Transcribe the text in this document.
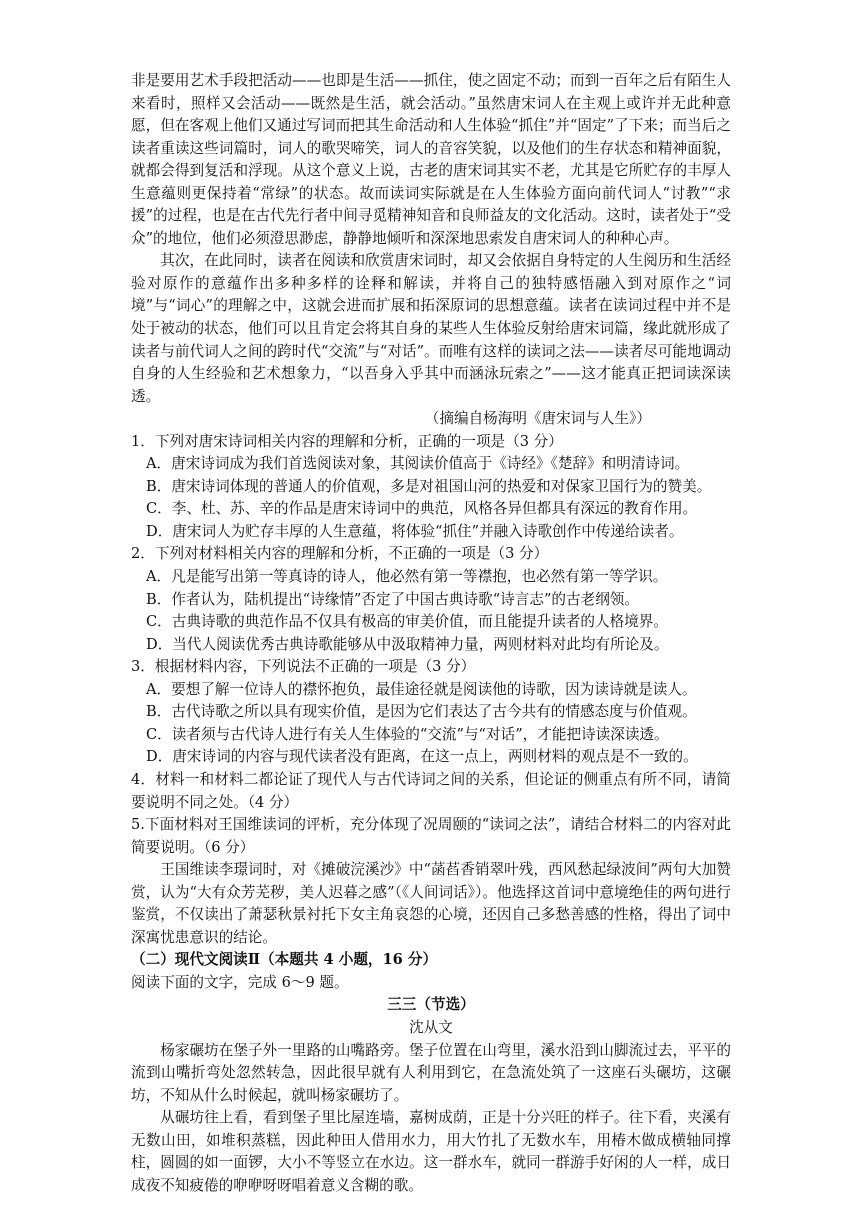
非是要用艺术手段把活动——也即是生活——抓住，使之固定不动；而到一百年之后有陌生人来看时，照样又会活动——既然是生活，就会活动。”虽然唐宋词人在主观上或许并无此种意愿，但在客观上他们又通过写词而把其生命活动和人生体验“抓住”并“固定”了下来；而当后之读者重读这些词篇时，词人的歌哭啼笑，词人的音容笑貌，以及他们的生存状态和精神面貌，就都会得到复活和浮现。从这个意义上说，古老的唐宋词其实不老，尤其是它所贮存的丰厚人生意蕴则更保持着“常绿”的状态。故而读词实际就是在人生体验方面向前代词人“讨教”“求援”的过程，也是在古代先行者中间寻觅精神知音和良师益友的文化活动。这时，读者处于“受众”的地位，他们必须澄思渺虑，静静地倾听和深深地思索发自唐宋词人的种种心声。

其次，在此同时，读者在阅读和欣赏唐宋词时，却又会依据自身特定的人生阅历和生活经验对原作的意蕴作出多种多样的诠释和解读，并将自己的独特感悟融入到对原作之“词境”与“词心”的理解之中，这就会进而扩展和拓深原词的思想意蕴。读者在读词过程中并不是处于被动的状态，他们可以且肯定会将其自身的某些人生体验反射给唐宋词篇，缘此就形成了读者与前代词人之间的跨时代“交流”与“对话”。而唯有这样的读词之法——读者尽可能地调动自身的人生经验和艺术想象力，“以吾身入乎其中而涵泳玩索之”——这才能真正把词读深读透。

（摘编自杨海明《唐宋词与人生》）

1．下列对唐宋诗词相关内容的理解和分析，正确的一项是（3 分）

A．唐宋诗词成为我们首选阅读对象，其阅读价值高于《诗经》《楚辞》和明清诗词。

B．唐宋诗词体现的普通人的价值观，多是对祖国山河的热爱和对保家卫国行为的赞美。

C．李、杜、苏、辛的作品是唐宋诗词中的典范，风格各异但都具有深远的教育作用。

D．唐宋词人为贮存丰厚的人生意蕴，将体验“抓住”并融入诗歌创作中传递给读者。

2．下列对材料相关内容的理解和分析，不正确的一项是（3 分）

A．凡是能写出第一等真诗的诗人，他必然有第一等襟抱，也必然有第一等学识。

B．作者认为，陆机提出“诗缘情”否定了中国古典诗歌“诗言志”的古老纲领。

C．古典诗歌的典范作品不仅具有极高的审美价值，而且能提升读者的人格境界。

D．当代人阅读优秀古典诗歌能够从中汲取精神力量，两则材料对此均有所论及。

3．根据材料内容，下列说法不正确的一项是（3 分）

A．要想了解一位诗人的襟怀抱负，最佳途径就是阅读他的诗歌，因为读诗就是读人。

B．古代诗歌之所以具有现实价值，是因为它们表达了古今共有的情感态度与价值观。

C．读者须与古代诗人进行有关人生体验的“交流”与“对话”，才能把诗读深读透。

D．唐宋诗词的内容与现代读者没有距离，在这一点上，两则材料的观点是不一致的。

4．材料一和材料二都论证了现代人与古代诗词之间的关系，但论证的侧重点有所不同，请简要说明不同之处。（4 分）

5.下面材料对王国维读词的评析，充分体现了况周颐的“读词之法”，请结合材料二的内容对此简要说明。（6 分）

王国维读李璟词时，对《摊破浣溪沙》中“菡萏香销翠叶残，西风愁起绿波间”两句大加赞赏，认为“大有众芳芜秽，美人迟暮之感”（《人间词话》）。他选择这首词中意境绝佳的两句进行鉴赏，不仅读出了萧瑟秋景衬托下女主角哀怨的心境，还因自己多愁善感的性格，得出了词中深寓忧患意识的结论。

（二）现代文阅读Ⅱ（本题共 4 小题，16 分）

阅读下面的文字，完成 6～9 题。

三三（节选）

沈从文

杨家碾坊在堡子外一里路的山嘴路旁。堡子位置在山弯里，溪水沿到山脚流过去，平平的流到山嘴折弯处忽然转急，因此很早就有人利用到它，在急流处筑了一这座石头碾坊，这碾坊，不知从什么时候起，就叫杨家碾坊了。

从碾坊往上看，看到堡子里比屋连墙，嘉树成荫，正是十分兴旺的样子。往下看，夹溪有无数山田，如堆积蒸糕，因此种田人借用水力，用大竹扎了无数水车，用椿木做成横轴同撑柱，圆圆的如一面锣，大小不等竖立在水边。这一群水车，就同一群游手好闲的人一样，成日成夜不知疲倦的咿咿呀呀唱着意义含糊的歌。
